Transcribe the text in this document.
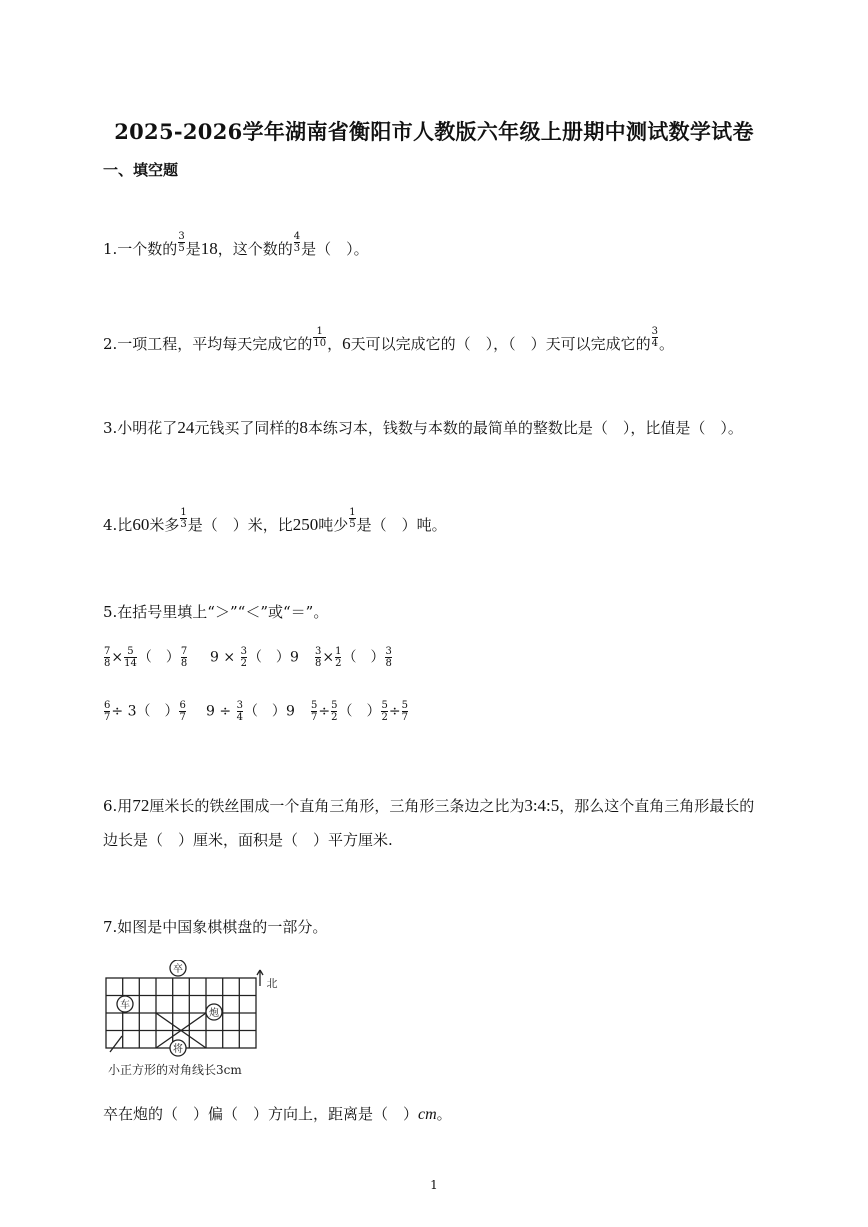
2025-2026学年湖南省衡阳市人教版六年级上册期中测试数学试卷
一、填空题
1.一个数的 $\frac{3}{5}$ 是18，这个数的 $\frac{4}{3}$ 是（　）。
2.一项工程，平均每天完成它的 $\frac{1}{10}$ ，6天可以完成它的（　），（　）天可以完成它的 $\frac{3}{4}$ 。
3.小明花了24元钱买了同样的8本练习本，钱数与本数的最简单的整数比是（　），比值是（　）。
4.比60米多 $\frac{1}{3}$ 是（　）米，比250吨少 $\frac{1}{5}$ 是（　）吨。
5.在括号里填上“＞”“＜”或“＝”。
$\frac{7}{8} \times \frac{5}{14}$ （　） $\frac{7}{8} 9 \times \frac{3}{2}$ （　）$9 \frac{3}{8} \times \frac{1}{2}$ （　） $\frac{3}{8}$
$\frac{6}{7} \div 3$（　） $\frac{6}{7} 9 \div \frac{3}{4}$ （　）$9 \frac{5}{7} \div \frac{5}{2}$ （　） $\frac{5}{2} \div \frac{5}{7}$
6.用72厘米长的铁丝围成一个直角三角形，三角形三条边之比为3:4:5，那么这个直角三角形最长的
边长是（　）厘米，面积是（　）平方厘米.
7.如图是中国象棋棋盘的一部分。
卒
车
炮
将
北
小正方形的对角线长3cm
卒在炮的（　）偏（　）方向上，距离是（　）cm。
1
